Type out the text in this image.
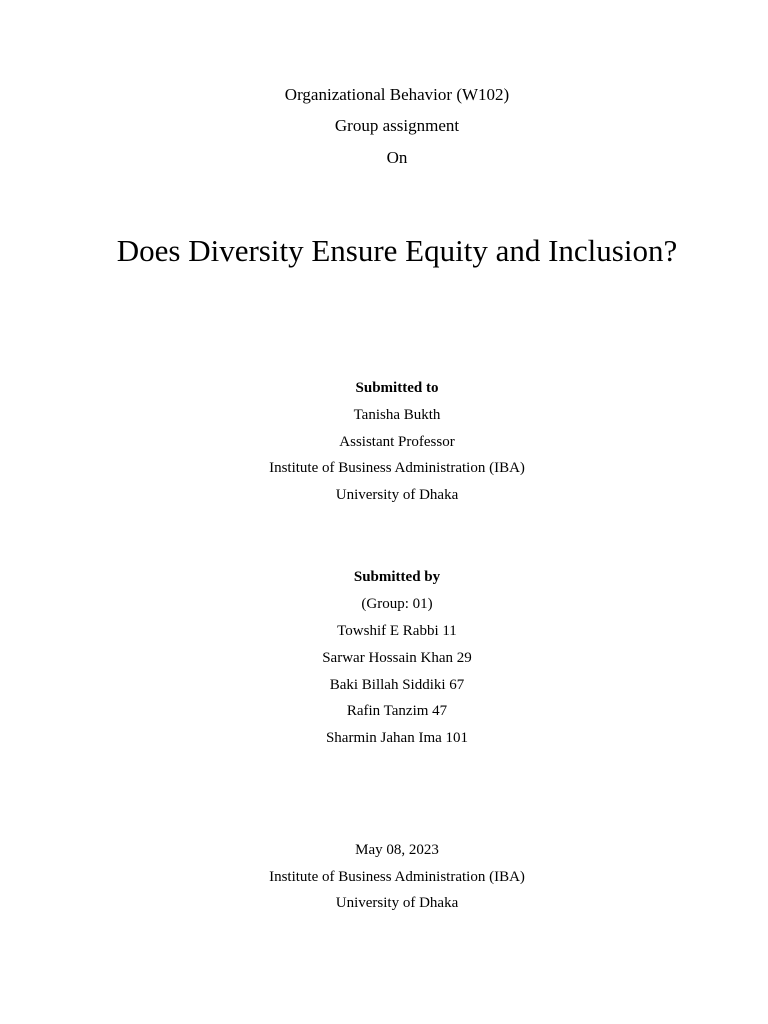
Organizational Behavior (W102)
Group assignment
On
Does Diversity Ensure Equity and Inclusion?
Submitted to
Tanisha Bukth
Assistant Professor
Institute of Business Administration (IBA)
University of Dhaka
Submitted by
(Group: 01)
Towshif E Rabbi 11
Sarwar Hossain Khan 29
Baki Billah Siddiki 67
Rafin Tanzim 47
Sharmin Jahan Ima 101
May 08, 2023
Institute of Business Administration (IBA)
University of Dhaka
